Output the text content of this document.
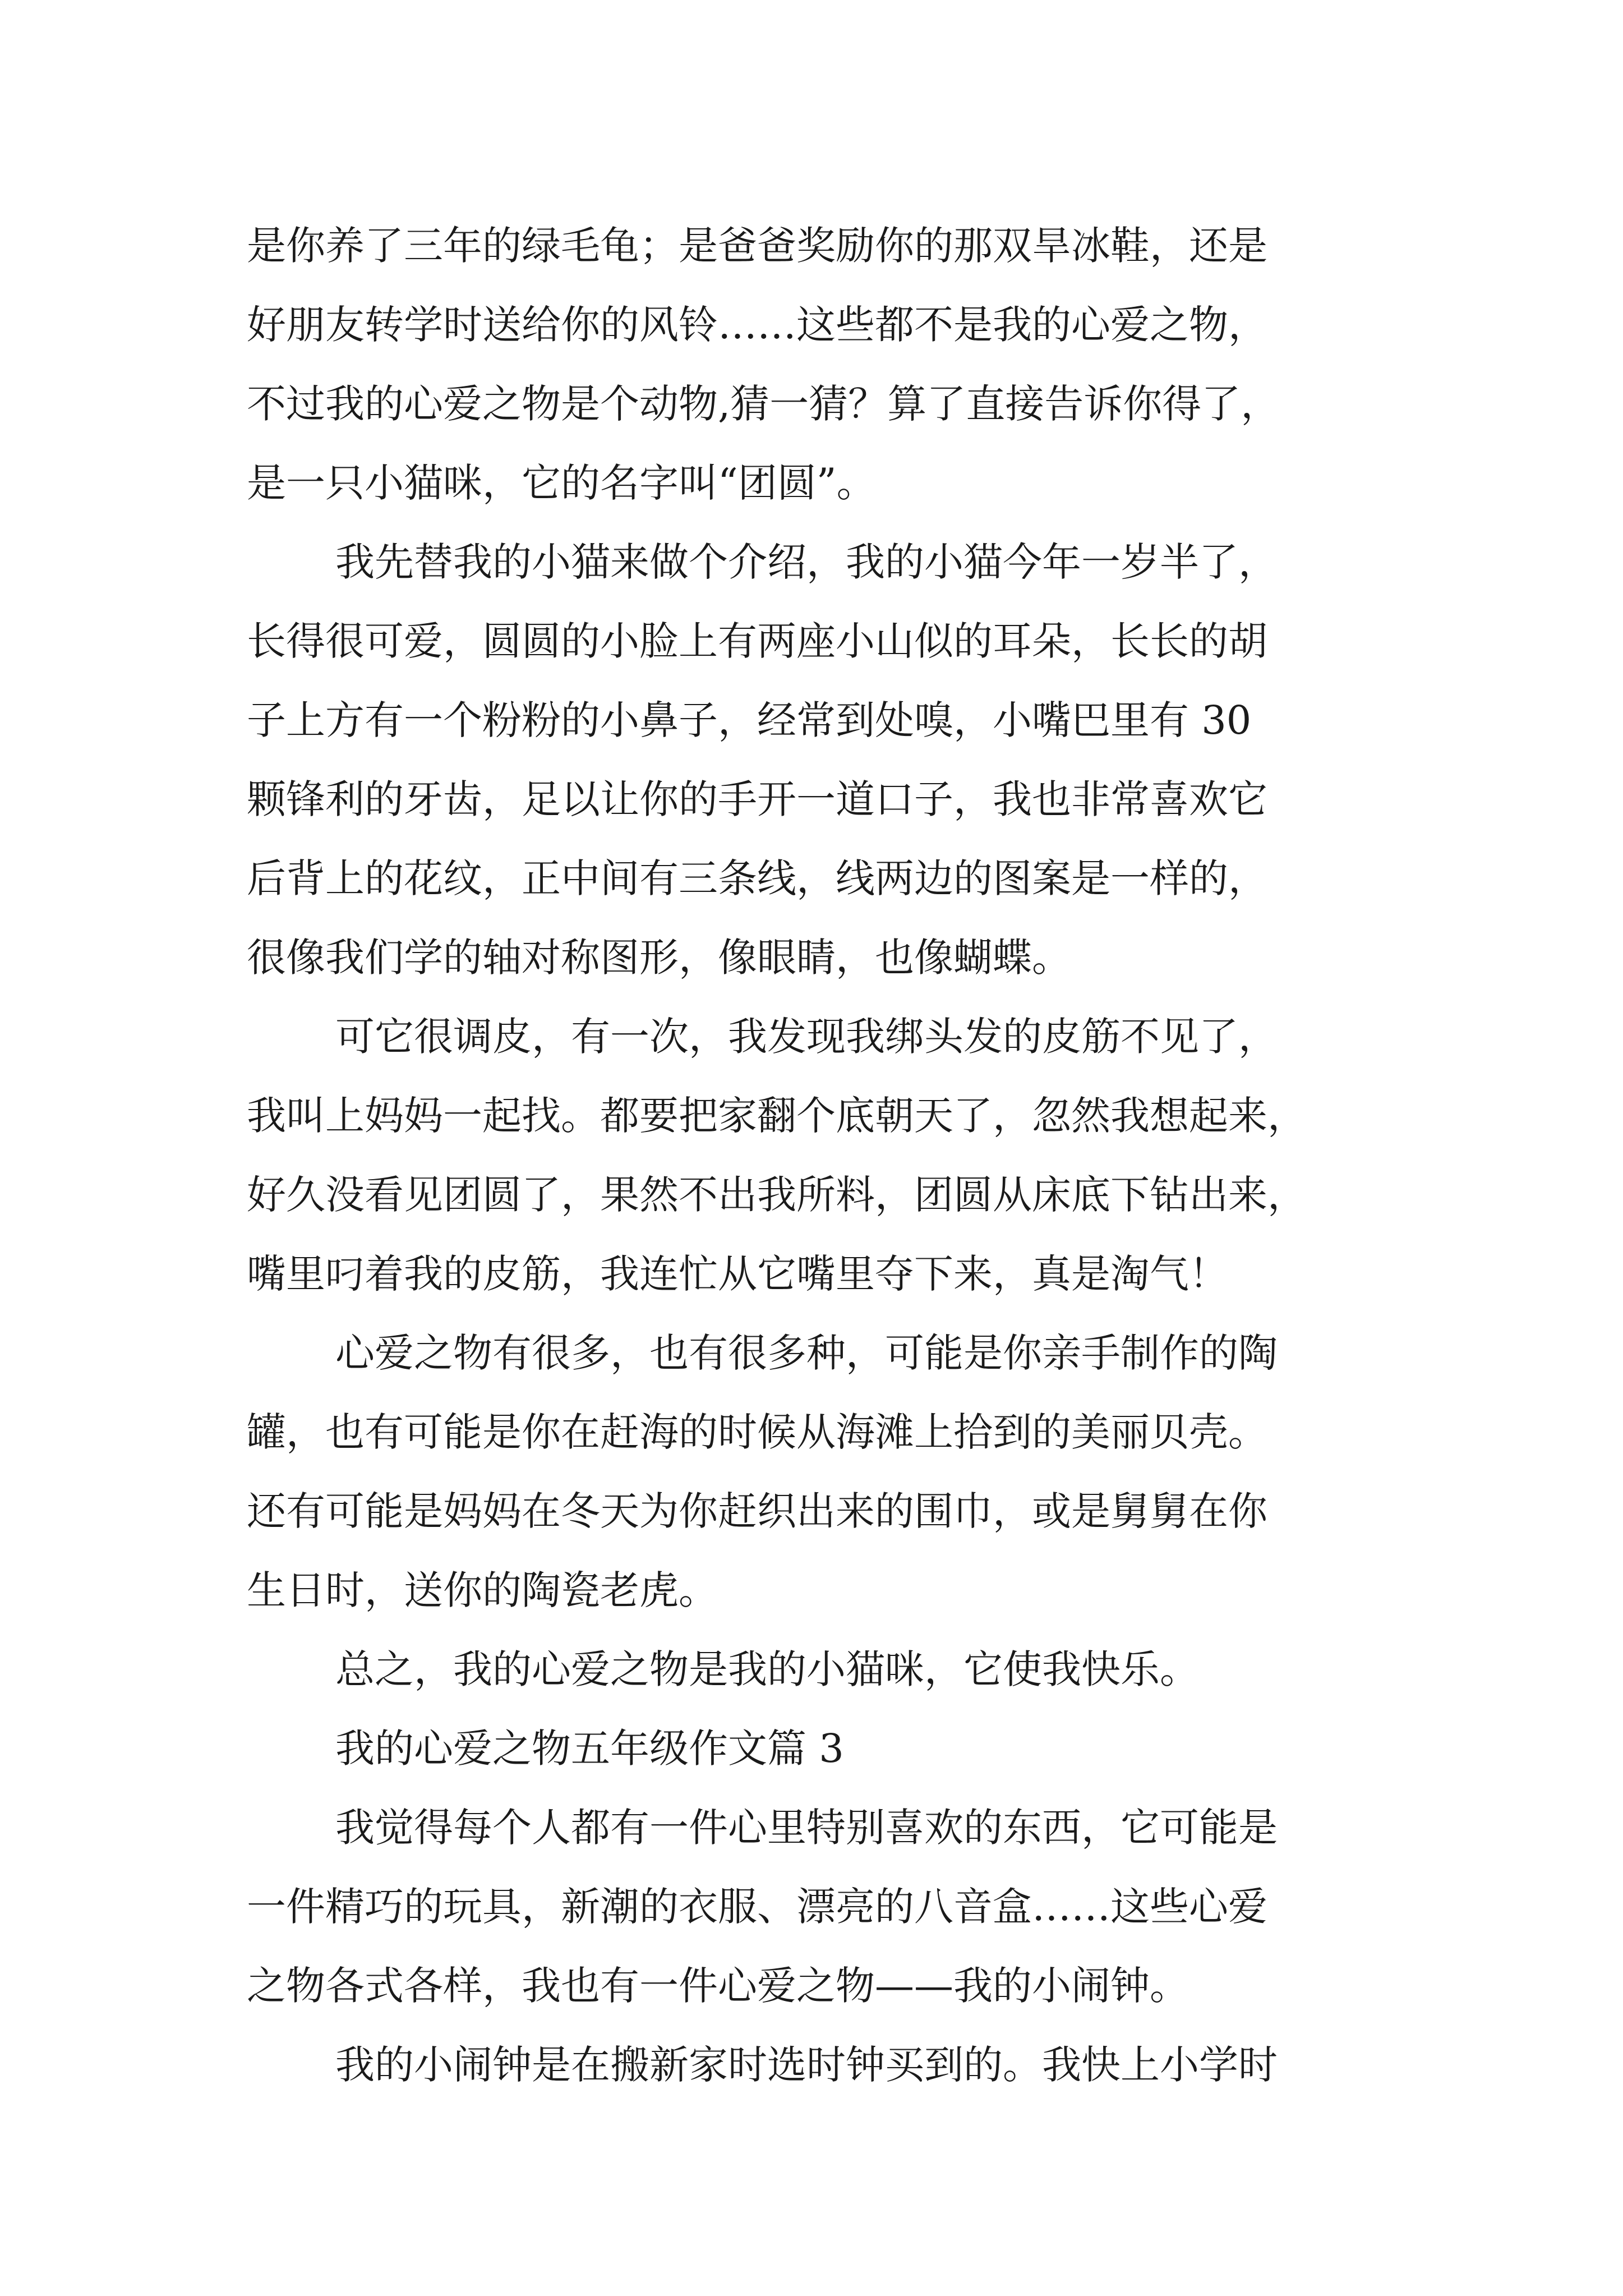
是你养了三年的绿毛龟；是爸爸奖励你的那双旱冰鞋，还是
好朋友转学时送给你的风铃……这些都不是我的心爱之物，
不过我的心爱之物是个动物,猜一猜？算了直接告诉你得了，
是一只小猫咪，它的名字叫“团圆”。
我先替我的小猫来做个介绍，我的小猫今年一岁半了，
长得很可爱，圆圆的小脸上有两座小山似的耳朵，长长的胡
子上方有一个粉粉的小鼻子，经常到处嗅，小嘴巴里有 30
颗锋利的牙齿，足以让你的手开一道口子，我也非常喜欢它
后背上的花纹，正中间有三条线，线两边的图案是一样的，
很像我们学的轴对称图形，像眼睛，也像蝴蝶。
可它很调皮，有一次，我发现我绑头发的皮筋不见了，
我叫上妈妈一起找。都要把家翻个底朝天了，忽然我想起来，
好久没看见团圆了，果然不出我所料，团圆从床底下钻出来，
嘴里叼着我的皮筋，我连忙从它嘴里夺下来，真是淘气！
心爱之物有很多，也有很多种，可能是你亲手制作的陶
罐，也有可能是你在赶海的时候从海滩上拾到的美丽贝壳。
还有可能是妈妈在冬天为你赶织出来的围巾，或是舅舅在你
生日时，送你的陶瓷老虎。
总之，我的心爱之物是我的小猫咪，它使我快乐。
我的心爱之物五年级作文篇 3
我觉得每个人都有一件心里特别喜欢的东西，它可能是
一件精巧的玩具，新潮的衣服、漂亮的八音盒……这些心爱
之物各式各样，我也有一件心爱之物——我的小闹钟。
我的小闹钟是在搬新家时选时钟买到的。我快上小学时
